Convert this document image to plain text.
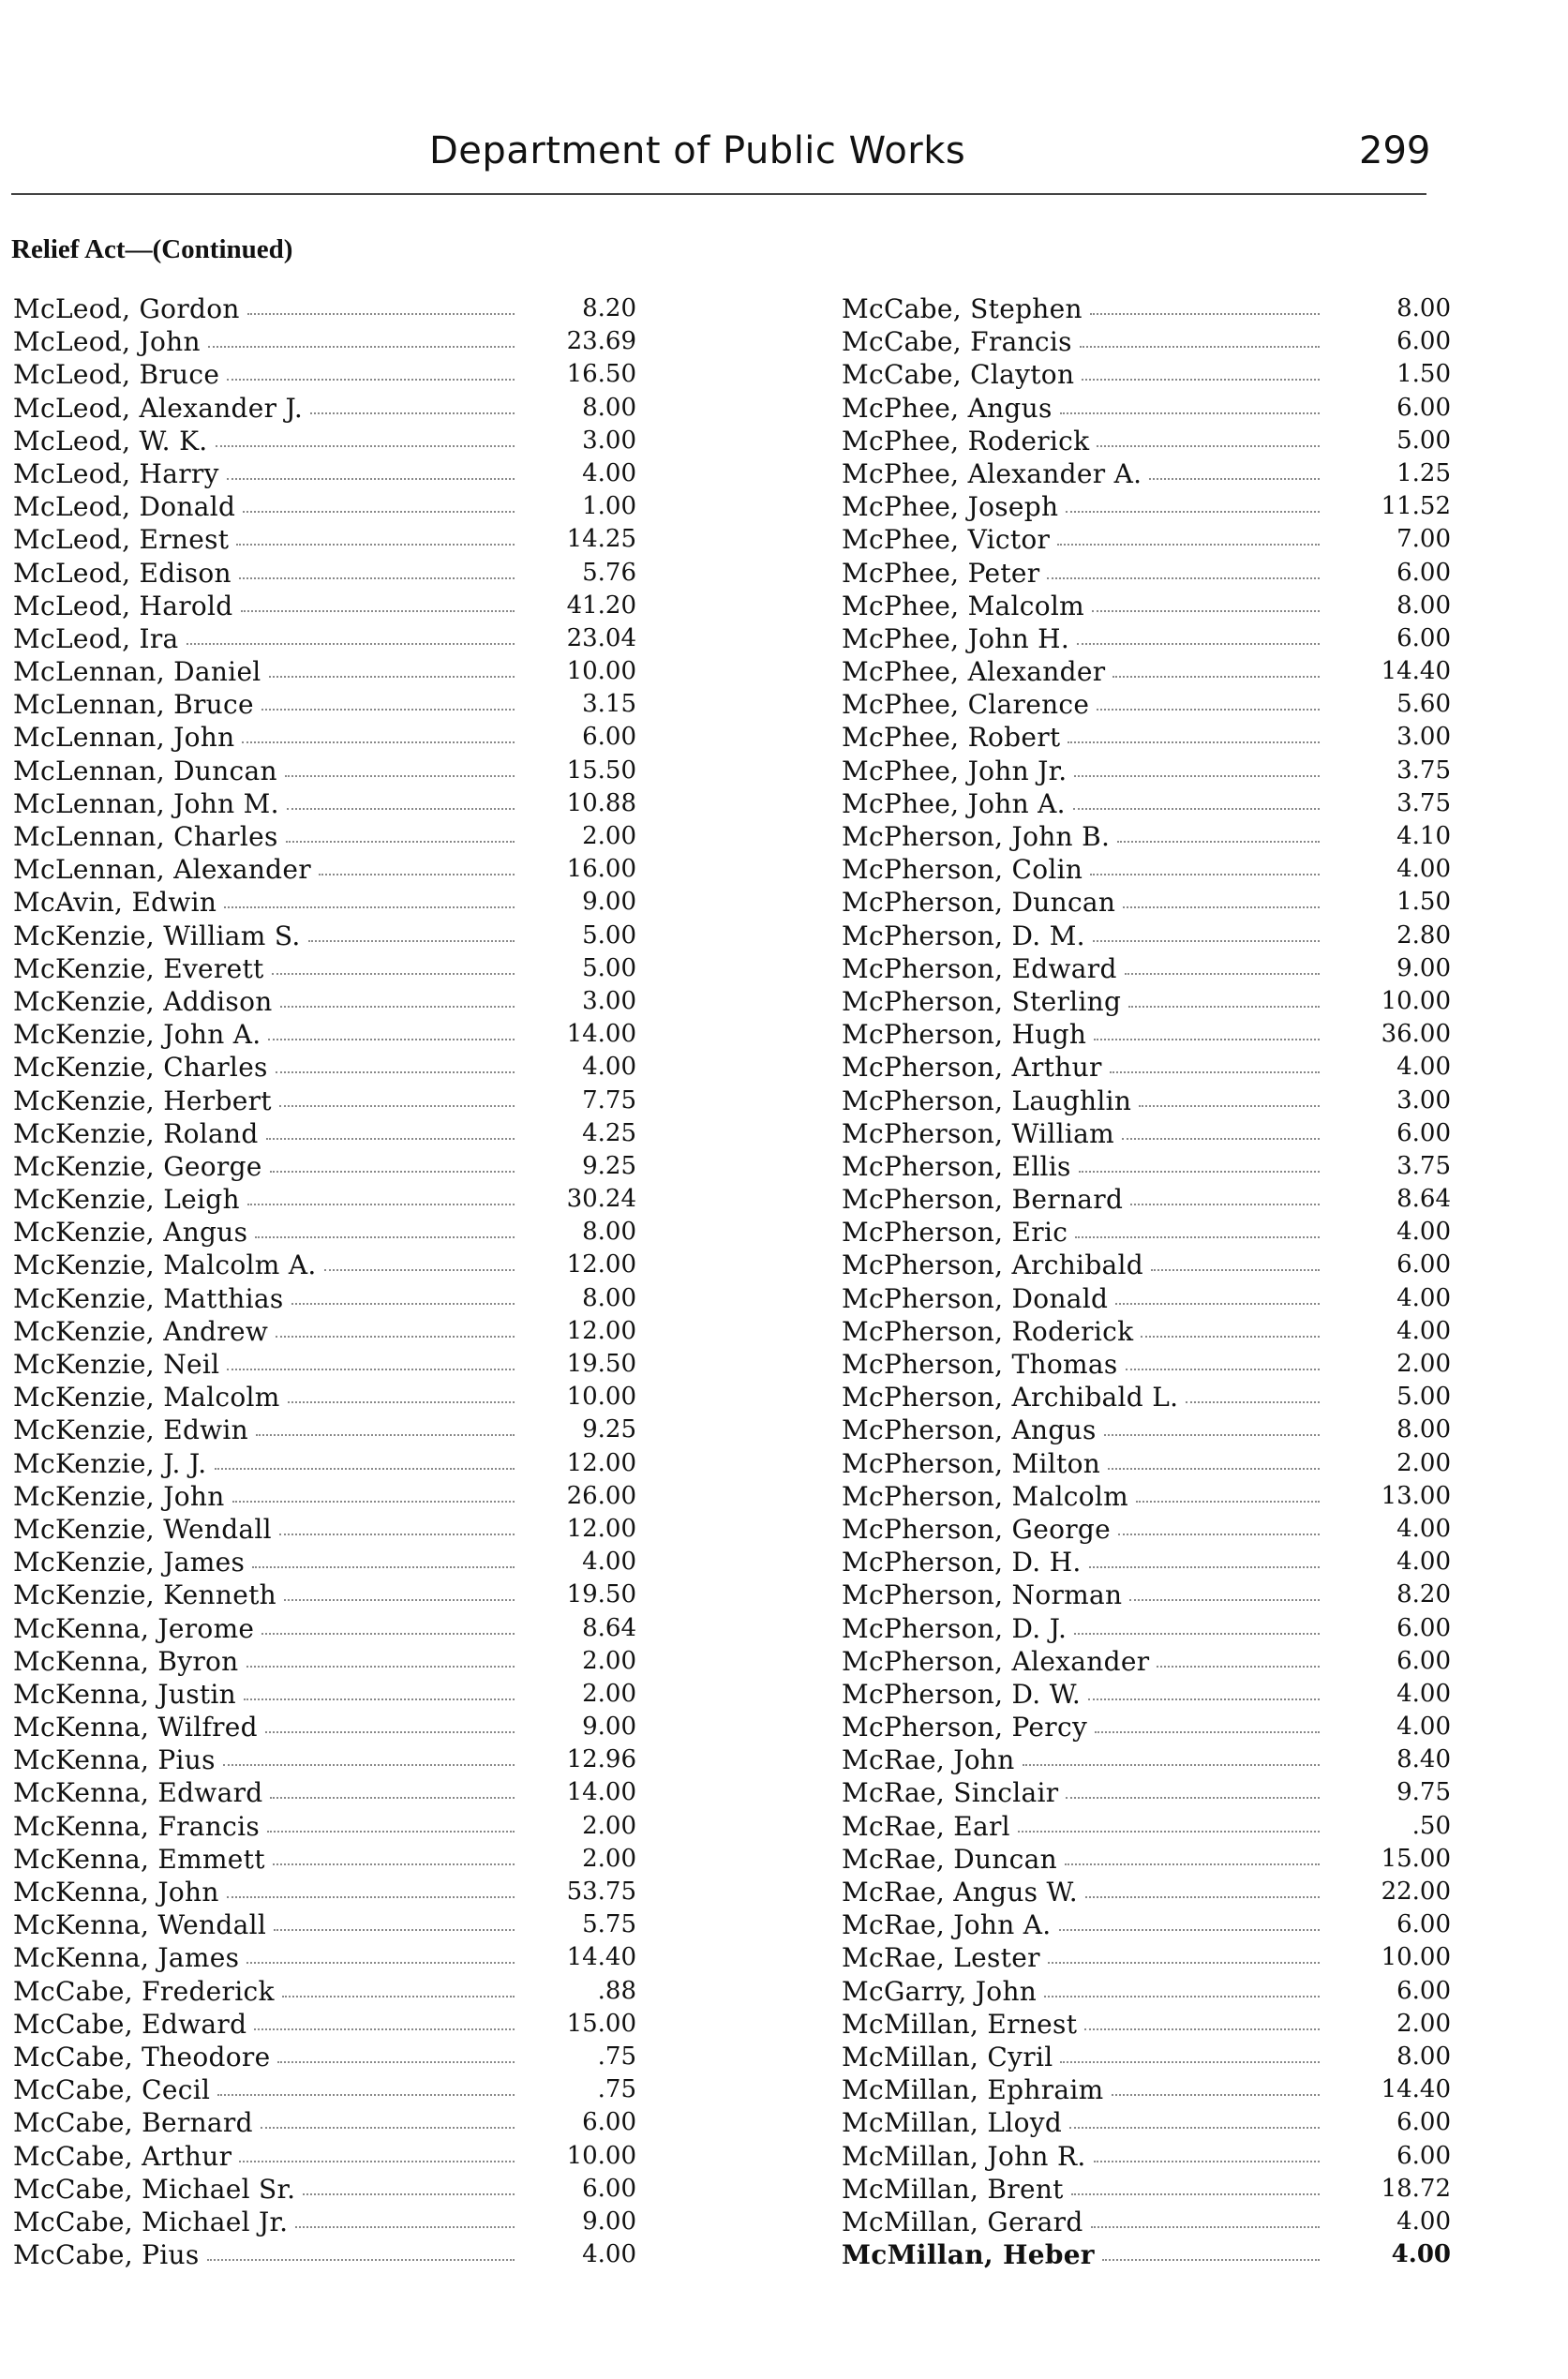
Department of Public Works	299
Relief Act—(Continued)
McLeod, Gordon	8.20
McLeod, John	23.69
McLeod, Bruce	16.50
McLeod, Alexander J.	8.00
McLeod, W. K.	3.00
McLeod, Harry	4.00
McLeod, Donald	1.00
McLeod, Ernest	14.25
McLeod, Edison	5.76
McLeod, Harold	41.20
McLeod, Ira	23.04
McLennan, Daniel	10.00
McLennan, Bruce	3.15
McLennan, John	6.00
McLennan, Duncan	15.50
McLennan, John M.	10.88
McLennan, Charles	2.00
McLennan, Alexander	16.00
McAvin, Edwin	9.00
McKenzie, William S.	5.00
McKenzie, Everett	5.00
McKenzie, Addison	3.00
McKenzie, John A.	14.00
McKenzie, Charles	4.00
McKenzie, Herbert	7.75
McKenzie, Roland	4.25
McKenzie, George	9.25
McKenzie, Leigh	30.24
McKenzie, Angus	8.00
McKenzie, Malcolm A.	12.00
McKenzie, Matthias	8.00
McKenzie, Andrew	12.00
McKenzie, Neil	19.50
McKenzie, Malcolm	10.00
McKenzie, Edwin	9.25
McKenzie, J. J.	12.00
McKenzie, John	26.00
McKenzie, Wendall	12.00
McKenzie, James	4.00
McKenzie, Kenneth	19.50
McKenna, Jerome	8.64
McKenna, Byron	2.00
McKenna, Justin	2.00
McKenna, Wilfred	9.00
McKenna, Pius	12.96
McKenna, Edward	14.00
McKenna, Francis	2.00
McKenna, Emmett	2.00
McKenna, John	53.75
McKenna, Wendall	5.75
McKenna, James	14.40
McCabe, Frederick	.88
McCabe, Edward	15.00
McCabe, Theodore	.75
McCabe, Cecil	.75
McCabe, Bernard	6.00
McCabe, Arthur	10.00
McCabe, Michael Sr.	6.00
McCabe, Michael Jr.	9.00
McCabe, Pius	4.00
McCabe, Stephen	8.00
McCabe, Francis	6.00
McCabe, Clayton	1.50
McPhee, Angus	6.00
McPhee, Roderick	5.00
McPhee, Alexander A.	1.25
McPhee, Joseph	11.52
McPhee, Victor	7.00
McPhee, Peter	6.00
McPhee, Malcolm	8.00
McPhee, John H.	6.00
McPhee, Alexander	14.40
McPhee, Clarence	5.60
McPhee, Robert	3.00
McPhee, John Jr.	3.75
McPhee, John A.	3.75
McPherson, John B.	4.10
McPherson, Colin	4.00
McPherson, Duncan	1.50
McPherson, D. M.	2.80
McPherson, Edward	9.00
McPherson, Sterling	10.00
McPherson, Hugh	36.00
McPherson, Arthur	4.00
McPherson, Laughlin	3.00
McPherson, William	6.00
McPherson, Ellis	3.75
McPherson, Bernard	8.64
McPherson, Eric	4.00
McPherson, Archibald	6.00
McPherson, Donald	4.00
McPherson, Roderick	4.00
McPherson, Thomas	2.00
McPherson, Archibald L.	5.00
McPherson, Angus	8.00
McPherson, Milton	2.00
McPherson, Malcolm	13.00
McPherson, George	4.00
McPherson, D. H.	4.00
McPherson, Norman	8.20
McPherson, D. J.	6.00
McPherson, Alexander	6.00
McPherson, D. W.	4.00
McPherson, Percy	4.00
McRae, John	8.40
McRae, Sinclair	9.75
McRae, Earl	.50
McRae, Duncan	15.00
McRae, Angus W.	22.00
McRae, John A.	6.00
McRae, Lester	10.00
McGarry, John	6.00
McMillan, Ernest	2.00
McMillan, Cyril	8.00
McMillan, Ephraim	14.40
McMillan, Lloyd	6.00
McMillan, John R.	6.00
McMillan, Brent	18.72
McMillan, Gerard	4.00
McMillan, Heber	4.00
